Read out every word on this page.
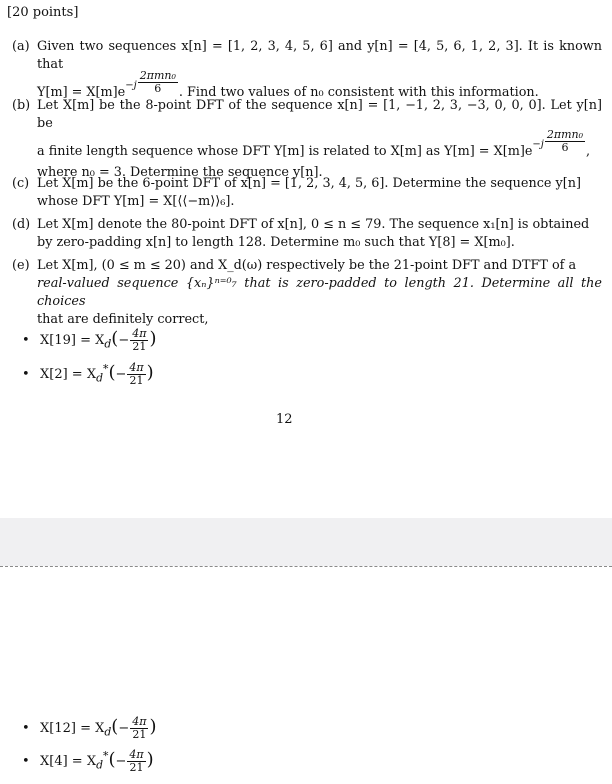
[20 points]
(a) Given two sequences x[n] = [1, 2, 3, 4, 5, 6] and y[n] = [4, 5, 6, 1, 2, 3]. It is known that
$Y[m] = X[m]e^{-j} \frac{\text{2πmn₀}}{6}$ . Find two values of n₀ consistent with this information.
(b) Let X[m] be the 8-point DFT of the sequence x[n] = [1, −1, 2, 3, −3, 0, 0, 0]. Let y[n] be
a finite length sequence whose DFT Y[m] is related to X[m] as $Y[m] = X[m]e^{-j} \frac{\text{2πmn₀}}{6}$ ,
where n₀ = 3. Determine the sequence y[n].
(c) Let X[m] be the 6-point DFT of x[n] = [1, 2, 3, 4, 5, 6]. Determine the sequence y[n]
whose DFT Y[m] = X[⟨⟨−m⟩⟩₆].
(d) Let X[m] denote the 80-point DFT of x[n], 0 ≤ n ≤ 79. The sequence x₁[n] is obtained
by zero-padding x[n] to length 128. Determine m₀ such that Y[8] = X[m₀].
(e) Let X[m], (0 ≤ m ≤ 20) and X_d(ω) respectively be the 21-point DFT and DTFT of a
real-valued sequence {xₙ}ⁿ⁼⁰₇ that is zero-padded to length 21. Determine all the choices
that are definitely correct,
• $X[19] = X_d(- \frac{4\pi}{21}$ )
• $X[2] = X_d^*(- \frac{4\pi}{21}$ )
12
• $X[12] = X_d(- \frac{4\pi}{21}$ )
• $X[4] = X_d^*(- \frac{4\pi}{21}$ )
